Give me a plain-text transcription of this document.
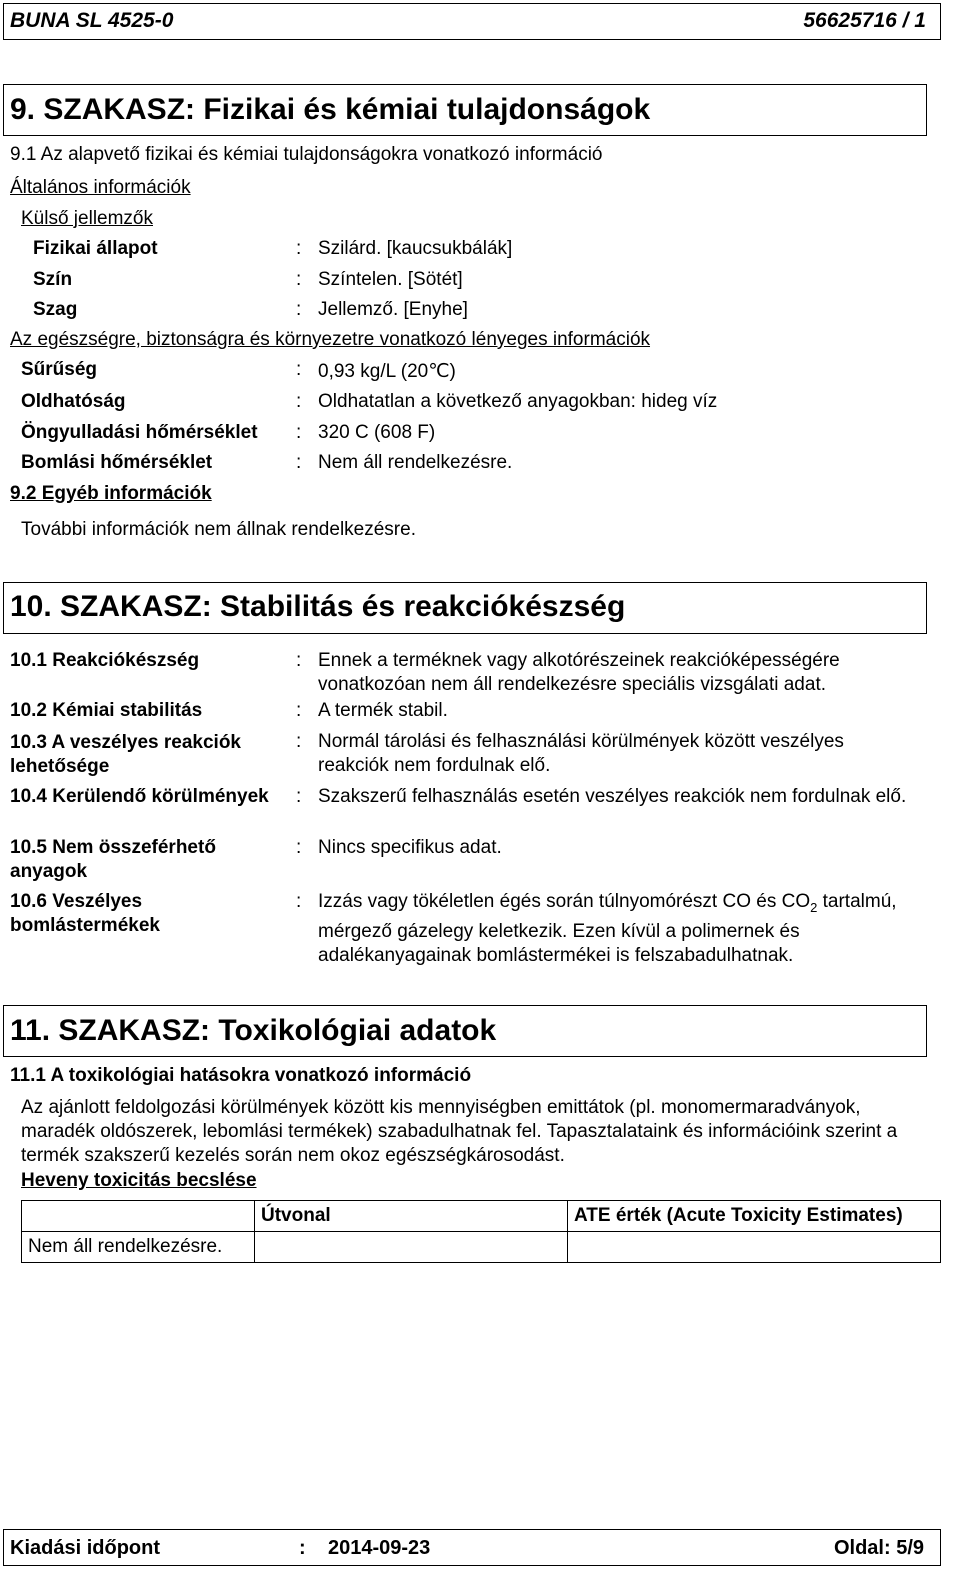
BUNA SL 4525-0	56625716 / 1
9. SZAKASZ: Fizikai és kémiai tulajdonságok
9.1 Az alapvető fizikai és kémiai tulajdonságokra vonatkozó információ
Általános információk
Külső jellemzők
Fizikai állapot	: Szilárd. [kaucsukbálák]
Szín	: Színtelen. [Sötét]
Szag	: Jellemző. [Enyhe]
Az egészségre, biztonságra és környezetre vonatkozó lényeges információk
Sűrűség	: 0,93 kg/L (20℃)
Oldhatóság	: Oldhatatlan a következő anyagokban: hideg víz
Öngyulladási hőmérséklet : 320 C (608 F)
Bomlási hőmérséklet	: Nem áll rendelkezésre.
9.2 Egyéb információk
További információk nem állnak rendelkezésre.
10. SZAKASZ: Stabilitás és reakciókészség
10.1 Reakciókészség	: Ennek a terméknek vagy alkotórészeinek reakcióképességére vonatkozóan nem áll rendelkezésre speciális vizsgálati adat.
10.2 Kémiai stabilitás	: A termék stabil.
10.3 A veszélyes reakciók lehetősége
: Normál tárolási és felhasználási körülmények között veszélyes reakciók nem fordulnak elő.
10.4 Kerülendő körülmények : Szakszerű felhasználás esetén veszélyes reakciók nem fordulnak elő.
10.5 Nem összeférhető anyagok
: Nincs specifikus adat.
10.6 Veszélyes bomlástermékek
: Izzás vagy tökéletlen égés során túlnyomórészt CO és $CO_2$ tartalmú, mérgező gázelegy keletkezik. Ezen kívül a polimernek és adalékanyagainak bomlástermékei is felszabadulhatnak.
11. SZAKASZ: Toxikológiai adatok
11.1 A toxikológiai hatásokra vonatkozó információ
Az ajánlott feldolgozási körülmények között kis mennyiségben emittátok (pl. monomermaradványok, maradék oldószerek, lebomlási termékek) szabadulhatnak fel. Tapasztalataink és információink szerint a termék szakszerű kezelés során nem okoz egészségkárosodást.
Heveny toxicitás becslése
	Útvonal	ATE érték (Acute Toxicity Estimates)
Nem áll rendelkezésre.		
Kiadási időpont	: 2014-09-23	Oldal: 5/9
